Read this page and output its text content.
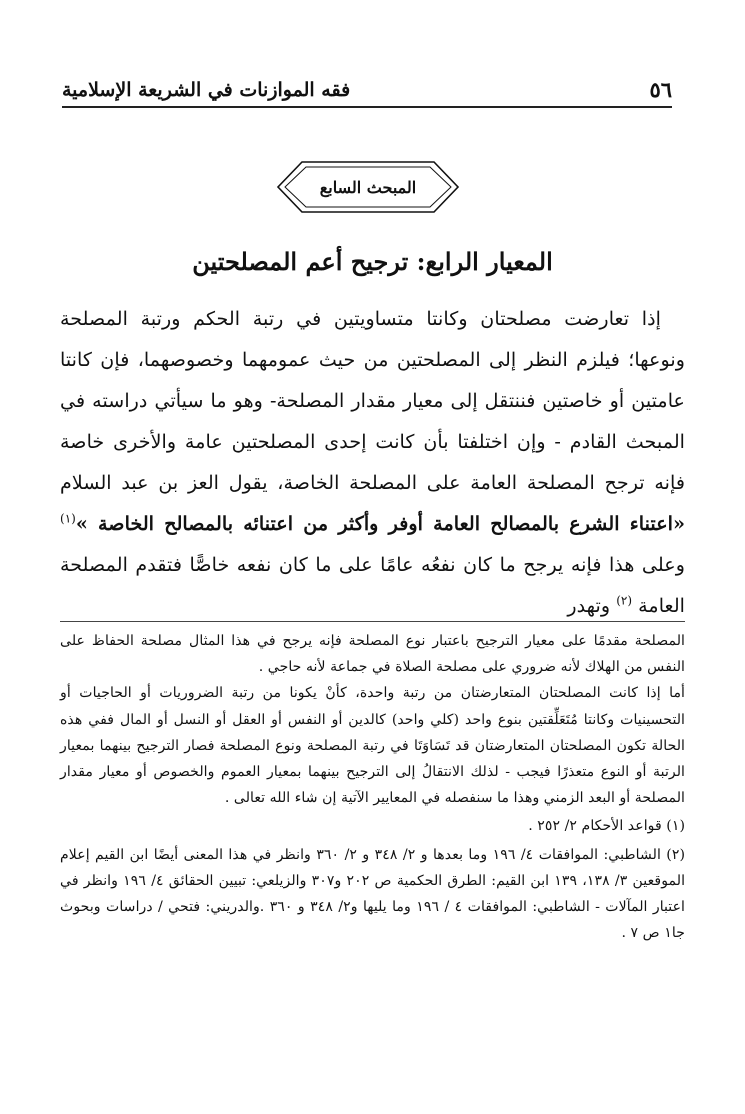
٥٦
فقه الموازنات في الشريعة الإسلامية
المبحث السابع
المعيار الرابع: ترجيح أعم المصلحتين

إذا تعارضت مصلحتان وكانتا متساويتين في رتبة الحكم ورتبة المصلحة ونوعها؛ فيلزم النظر إلى المصلحتين من حيث عمومهما وخصوصهما، فإن كانتا عامتين أو خاصتين فننتقل إلى معيار مقدار المصلحة- وهو ما سيأتي دراسته في المبحث القادم - وإن اختلفتا بأن كانت إحدى المصلحتين عامة والأخرى خاصة فإنه ترجح المصلحة العامة على المصلحة الخاصة، يقول العز بن عبد السلام «اعتناء الشرع بالمصالح العامة أوفر وأكثر من اعتنائه بالمصالح الخاصة »$^{(١)}$ وعلى هذا فإنه يرجح ما كان نفعُه عامًا على ما كان نفعه خاصًّا فتقدم المصلحة العامة $^{(٢)}$ وتهدر

المصلحة مقدمًا على معيار الترجيح باعتبار نوع المصلحة فإنه يرجح في هذا المثال مصلحة الحفاظ على النفس من الهلاك لأنه ضروري على مصلحة الصلاة في جماعة لأنه حاجي .

أما إذا كانت المصلحتان المتعارضتان من رتبة واحدة، كأنْ يكونا من رتبة الضروريات أو الحاجيات أو التحسينيات وكانتا مُتَعَلِّقتين بنوع واحد (كلي واحد) كالدين أو النفس أو العقل أو النسل أو المال ففي هذه الحالة تكون المصلحتان المتعارضتان قد تَسَاوَتَا في رتبة المصلحة ونوع المصلحة فصار الترجيح بينهما بمعيار الرتبة أو النوع متعذرًا فيجب - لذلك الانتقالُ إلى الترجيح بينهما بمعيار العموم والخصوص أو معيار مقدار المصلحة أو البعد الزمني وهذا ما سنفصله في المعايير الآتية إن شاء الله تعالى .

(١) قواعد الأحكام ٢/ ٢٥٢ .

(٢) الشاطبي: الموافقات ٤/ ١٩٦ وما بعدها و ٢/ ٣٤٨ و ٢/ ٣٦٠ وانظر في هذا المعنى أيضًا ابن القيم إعلام الموقعين ٣/ ١٣٨، ١٣٩ ابن القيم: الطرق الحكمية ص ٢٠٢ و٣٠٧ والزيلعي: تبيين الحقائق ٤/ ١٩٦ وانظر في اعتبار المآلات - الشاطبي: الموافقات ٤ / ١٩٦ وما يليها و٢/ ٣٤٨ و ٣٦٠ .والدريني: فتحي / دراسات وبحوث جا١ ص ٧ .
